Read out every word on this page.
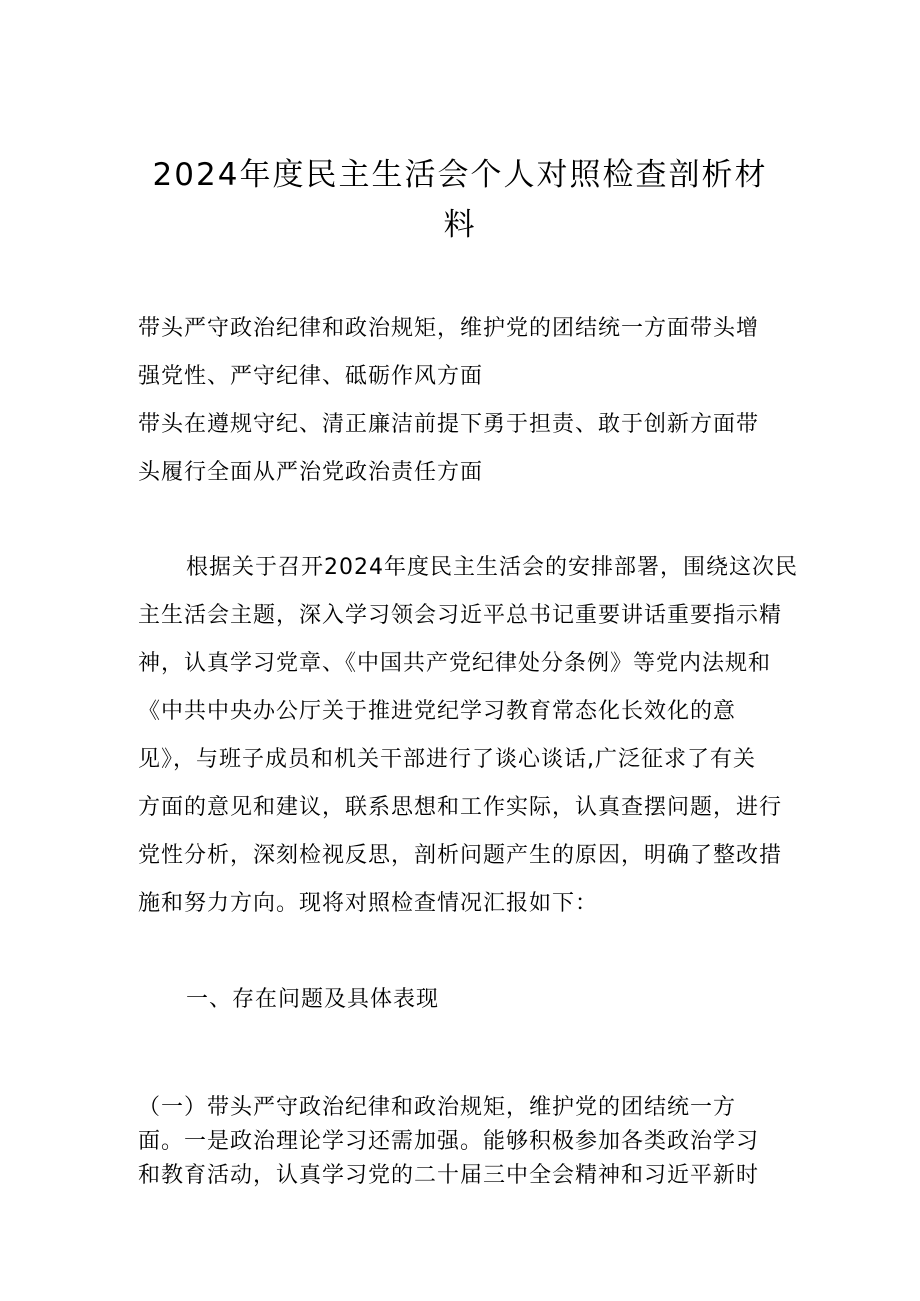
2024年度民主生活会个人对照检查剖析材
料
带头严守政治纪律和政治规矩，维护党的团结统一方面带头增
强党性、严守纪律、砥砺作风方面
带头在遵规守纪、清正廉洁前提下勇于担责、敢于创新方面带
头履行全面从严治党政治责任方面
根据关于召开2024年度民主生活会的安排部署，围绕这次民
主生活会主题，深入学习领会习近平总书记重要讲话重要指示精
神，认真学习党章、《中国共产党纪律处分条例》等党内法规和
《中共中央办公厅关于推进党纪学习教育常态化长效化的意
见》，与班子成员和机关干部进行了谈心谈话,广泛征求了有关
方面的意见和建议，联系思想和工作实际，认真查摆问题，进行
党性分析，深刻检视反思，剖析问题产生的原因，明确了整改措
施和努力方向。现将对照检查情况汇报如下：
一、存在问题及具体表现
（一）带头严守政治纪律和政治规矩，维护党的团结统一方
面。一是政治理论学习还需加强。能够积极参加各类政治学习
和教育活动，认真学习党的二十届三中全会精神和习近平新时
